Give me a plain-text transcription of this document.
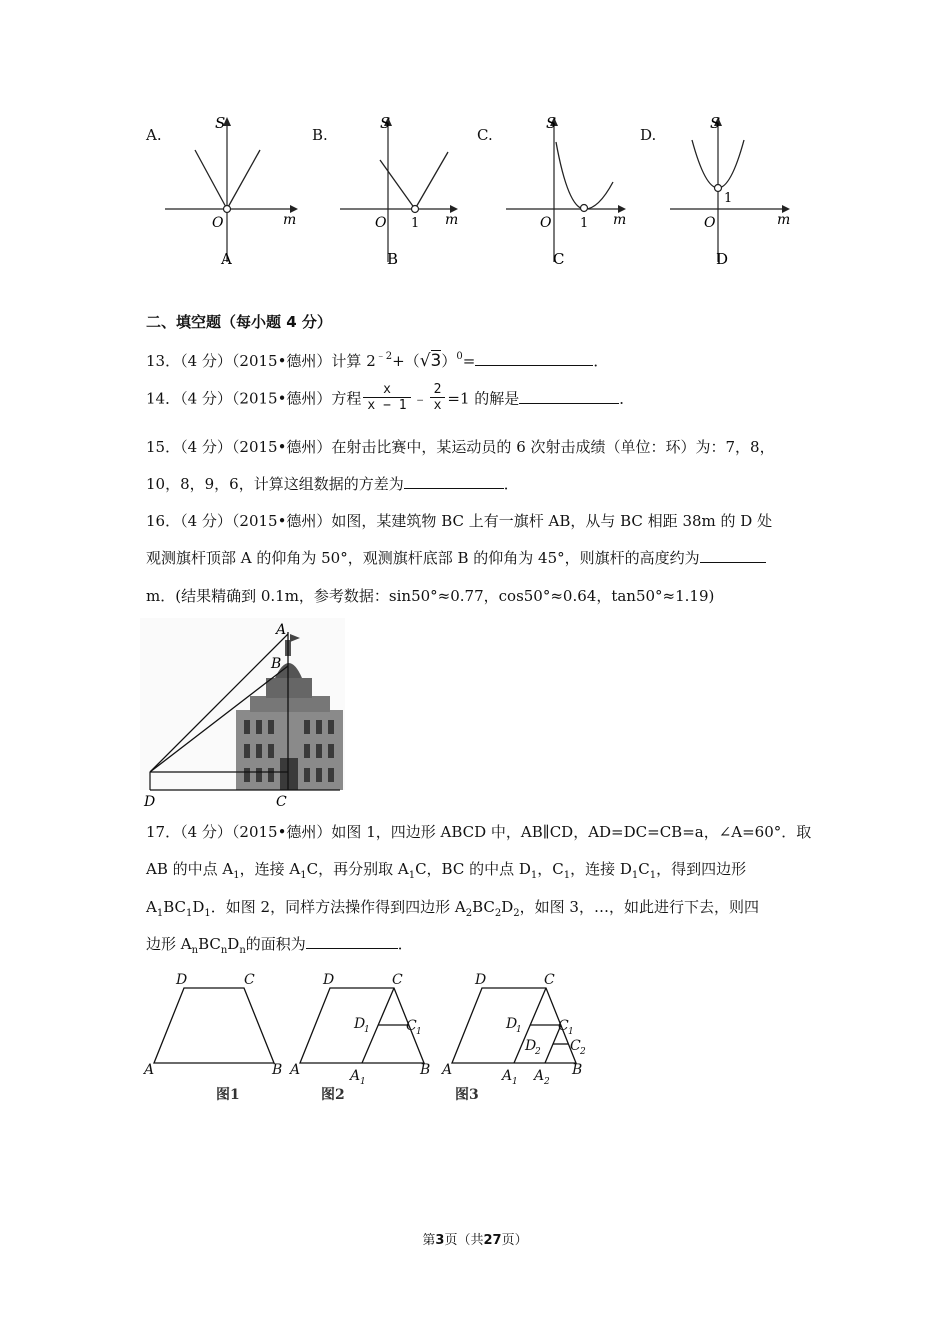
A.	B.	C.	D.
S
m
O
A
S
m
O 1
B
S
m
O 1
C
S
m
O
1
D
二、填空题（每小题 4 分）
13．（4 分）（2015•德州）计算 $2^{﹣2}+(√3)^0=$	．
14．（4 分）（2015•德州）方程 $\frac{x}{x - 1}$ ﹣ $\frac{2}{x} =1$ 的解是	．
15．（4 分）（2015•德州）在射击比赛中，某运动员的 6 次射击成绩（单位：环）为：7，8，
10，8，9，6，计算这组数据的方差为	．
16．（4 分）（2015•德州）如图，某建筑物 BC 上有一旗杆 AB，从与 BC 相距 38m 的 D 处
观测旗杆顶部 A 的仰角为 50°，观测旗杆底部 B 的仰角为 45°，则旗杆的高度约为
m．(结果精确到 0.1m，参考数据：sin50°≈0.77，cos50°≈0.64，tan50°≈1.19)
A
B
C
D
17．（4 分）（2015•德州）如图 1，四边形 ABCD 中，AB∥CD，AD=DC=CB=a，∠A=60°．取
AB 的中点 $A_1$，连接 $A_1C$，再分别取 $A_1C$，BC 的中点 $D_1$，$C_1$，连接 $D_1C_1$，得到四边形
$A_1BC_1D_1$．如图 2，同样方法操作得到四边形 $A_2BC_2D_2$，如图 3，…，如此进行下去，则四
边形 $A_nBC_nD_n$的面积为	．
D	C
A	B
D	C
A	B
A 1
D
1	C 1
D	C
A	B
A 1 A 2
D
1	C 1
D
2 C 2
图1	图2	图3
第3页（共27页）
